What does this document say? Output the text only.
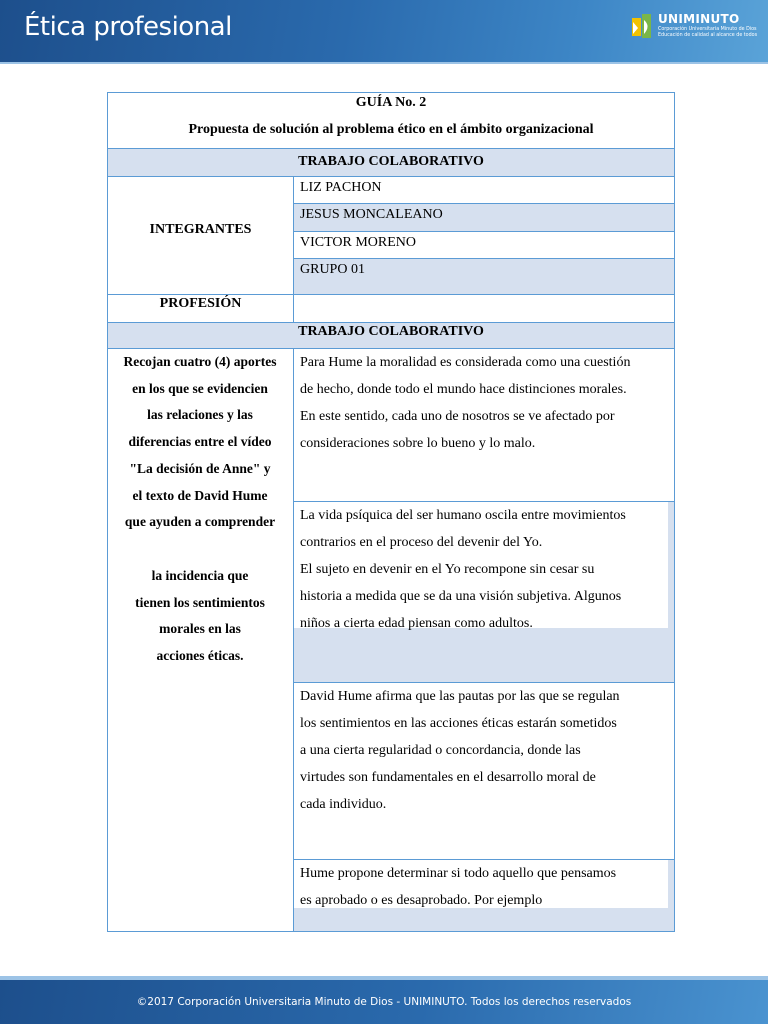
Ética profesional	UNIMINUTO
Corporación Universitaria Minuto de Dios
Educación de calidad al alcance de todos
GUÍA No. 2
Propuesta de solución al problema ético en el ámbito organizacional
TRABAJO COLABORATIVO
INTEGRANTES
LIZ PACHON
JESUS MONCALEANO
VICTOR MORENO
GRUPO 01
PROFESIÓN
TRABAJO COLABORATIVO
Recojan cuatro (4) aportes
en los que se evidencien
las relaciones y las
diferencias entre el vídeo
"La decisión de Anne" y
el texto de David Hume
que ayuden a comprender
la incidencia que
tienen los sentimientos
morales en las
acciones éticas.
Para Hume la moralidad es considerada como una cuestión
de hecho, donde todo el mundo hace distinciones morales.
En este sentido, cada uno de nosotros se ve afectado por
consideraciones sobre lo bueno y lo malo.
La vida psíquica del ser humano oscila entre movimientos
contrarios en el proceso del devenir del Yo.
El sujeto en devenir en el Yo recompone sin cesar su
historia a medida que se da una visión subjetiva. Algunos
niños a cierta edad piensan como adultos.
David Hume afirma que las pautas por las que se regulan
los sentimientos en las acciones éticas estarán sometidos
a una cierta regularidad o concordancia, donde las
virtudes son fundamentales en el desarrollo moral de
cada individuo.
Hume propone determinar si todo aquello que pensamos
es aprobado o es desaprobado. Por ejemplo
©2017 Corporación Universitaria Minuto de Dios - UNIMINUTO. Todos los derechos reservados
